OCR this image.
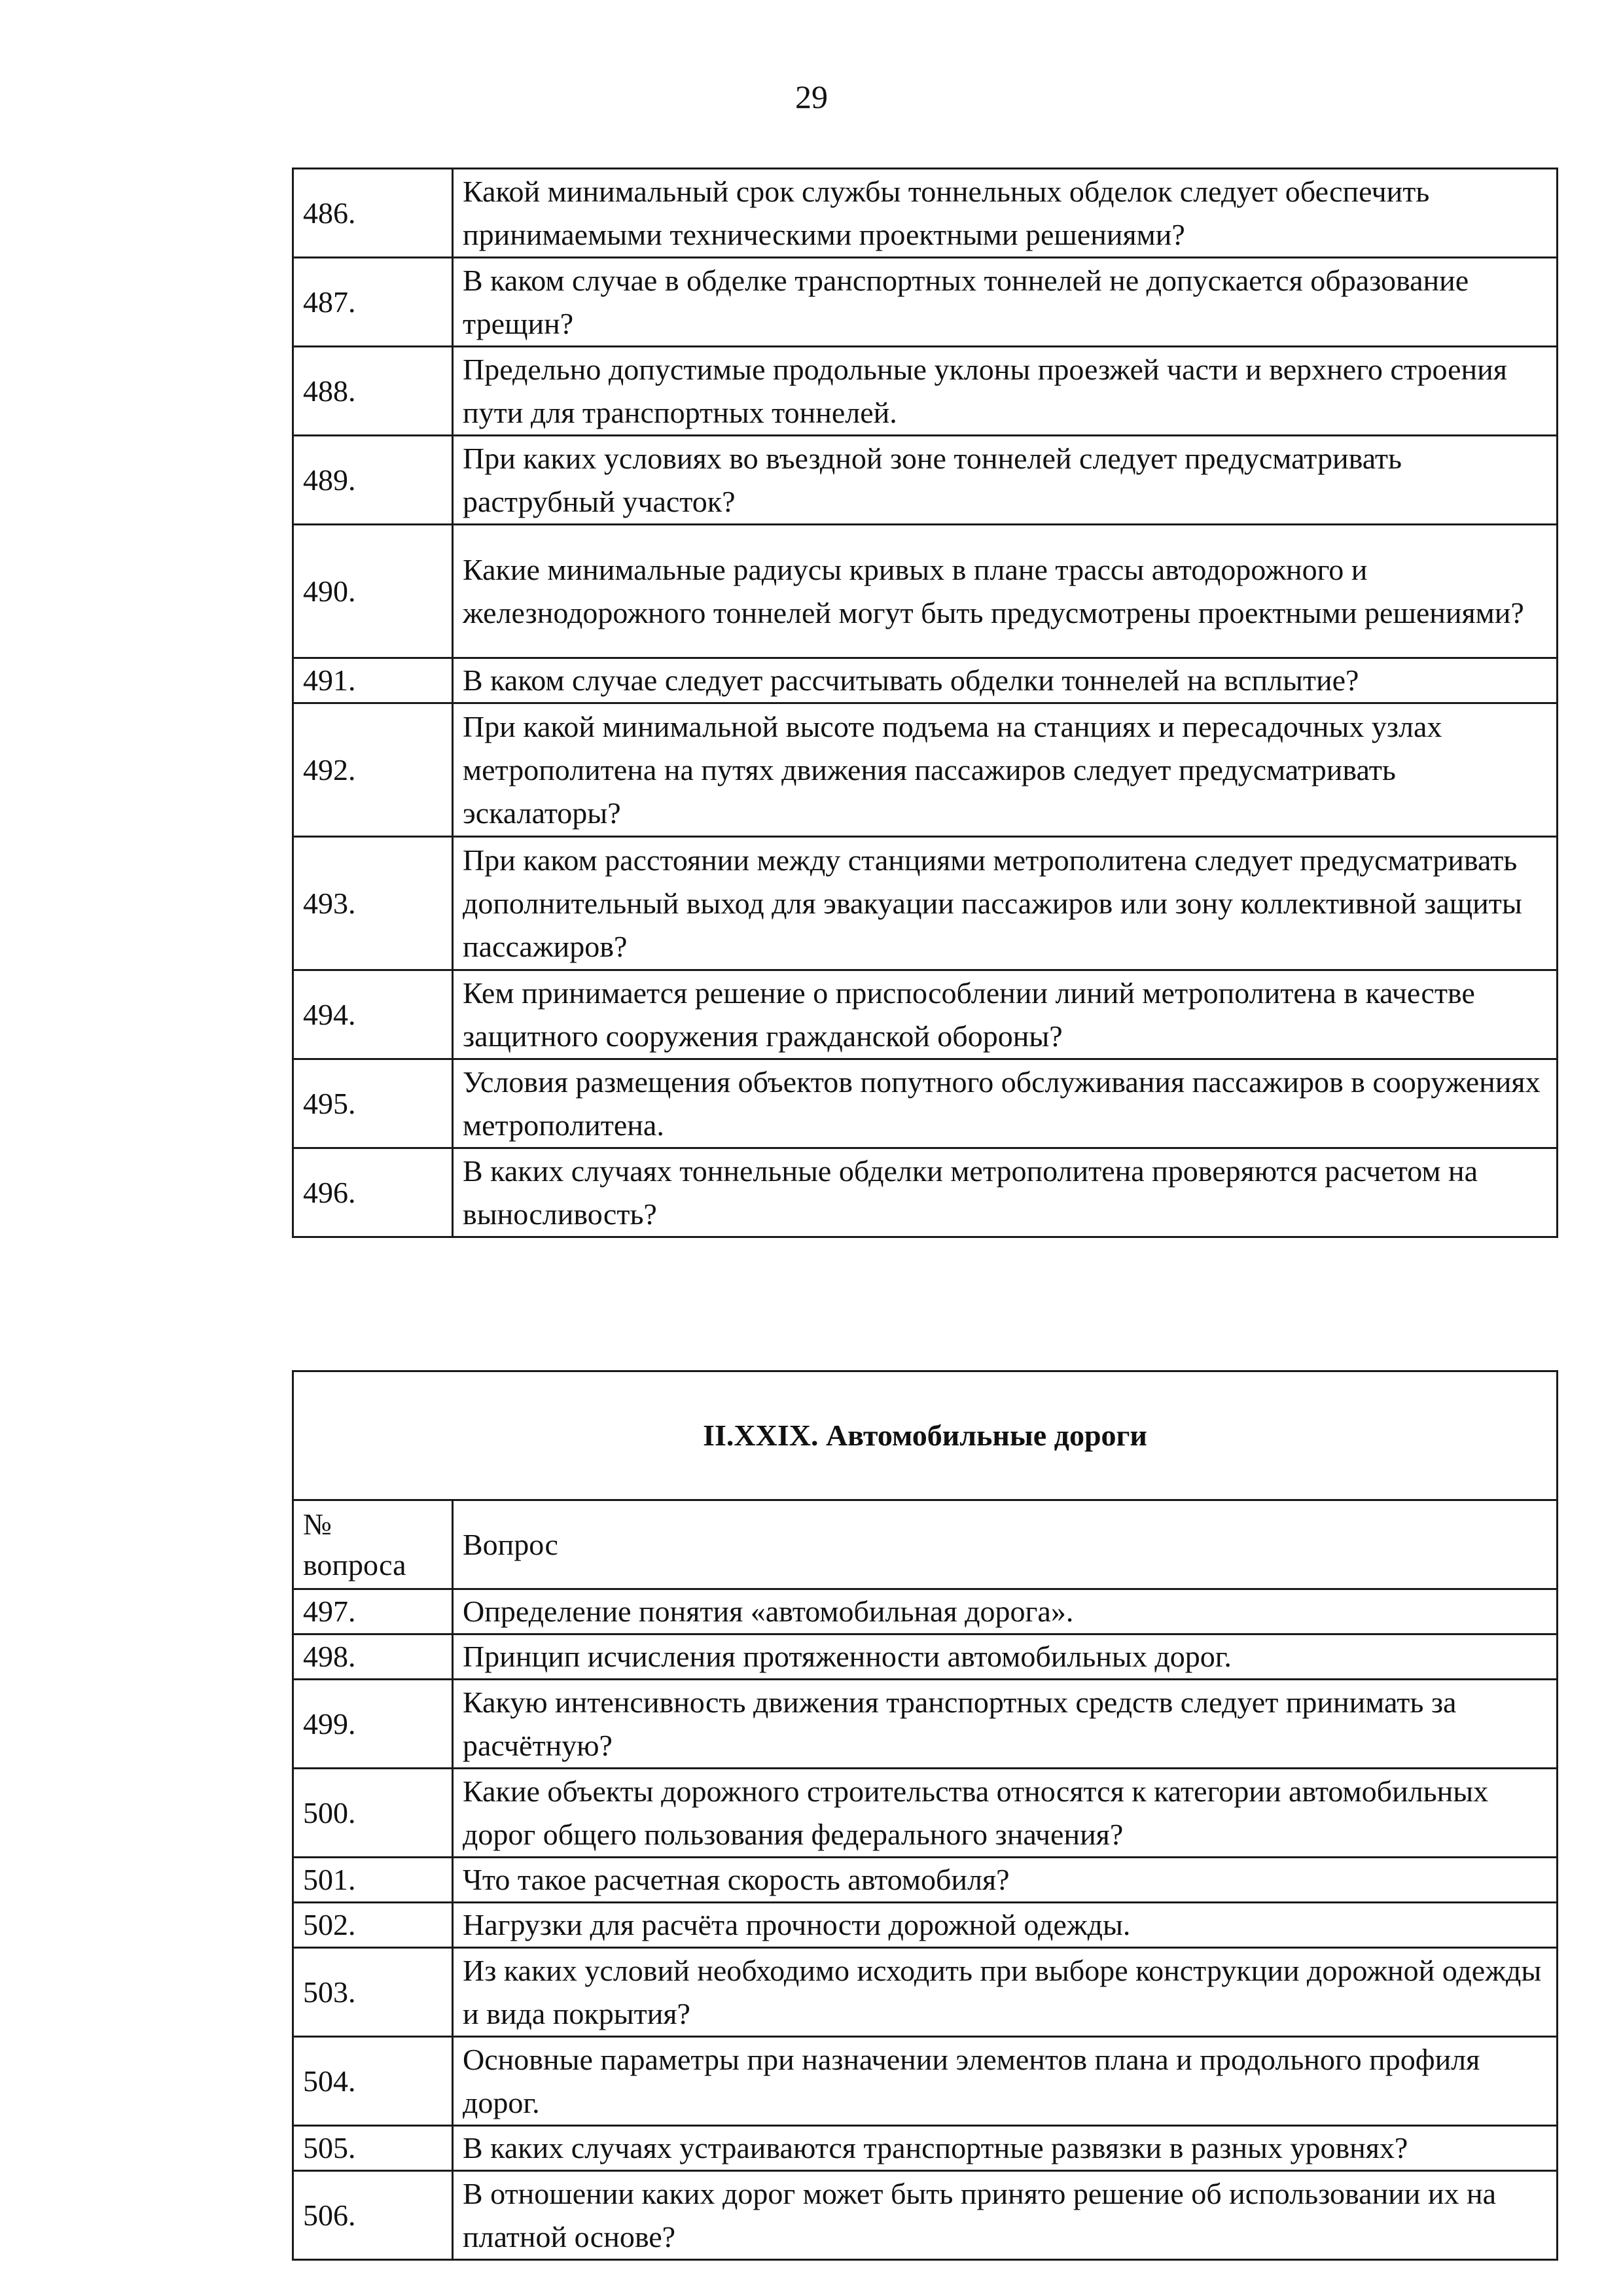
29
486.	Какой минимальный срок службы тоннельных обделок следует обеспечить принимаемыми техническими проектными решениями?
487.	В каком случае в обделке транспортных тоннелей не допускается образование трещин?
488.	Предельно допустимые продольные уклоны проезжей части и верхнего строения пути для транспортных тоннелей.
489.	При каких условиях во въездной зоне тоннелей следует предусматривать раструбный участок?
490.	Какие минимальные радиусы кривых в плане трассы автодорожного и железнодорожного тоннелей могут быть предусмотрены проектными решениями?
491.	В каком случае следует рассчитывать обделки тоннелей на всплытие?
492.	При какой минимальной высоте подъема на станциях и пересадочных узлах метрополитена на путях движения пассажиров следует предусматривать эскалаторы?
493.	При каком расстоянии между станциями метрополитена следует предусматривать дополнительный выход для эвакуации пассажиров или зону коллективной защиты пассажиров?
494.	Кем принимается решение о приспособлении линий метрополитена в качестве защитного сооружения гражданской обороны?
495.	Условия размещения объектов попутного обслуживания пассажиров в сооружениях метрополитена.
496.	В каких случаях тоннельные обделки метрополитена проверяются расчетом на выносливость?
II.XXIX. Автомобильные дороги	
№
вопроса	Вопрос
497.	Определение понятия «автомобильная дорога».
498.	Принцип исчисления протяженности автомобильных дорог.
499.	Какую интенсивность движения транспортных средств следует принимать за расчётную?
500.	Какие объекты дорожного строительства относятся к категории автомобильных дорог общего пользования федерального значения?
501.	Что такое расчетная скорость автомобиля?
502.	Нагрузки для расчёта прочности дорожной одежды.
503.	Из каких условий необходимо исходить при выборе конструкции дорожной одежды и вида покрытия?
504.	Основные параметры при назначении элементов плана и продольного профиля дорог.
505.	В каких случаях устраиваются транспортные развязки в разных уровнях?
506.	В отношении каких дорог может быть принято решение об использовании их на платной основе?
